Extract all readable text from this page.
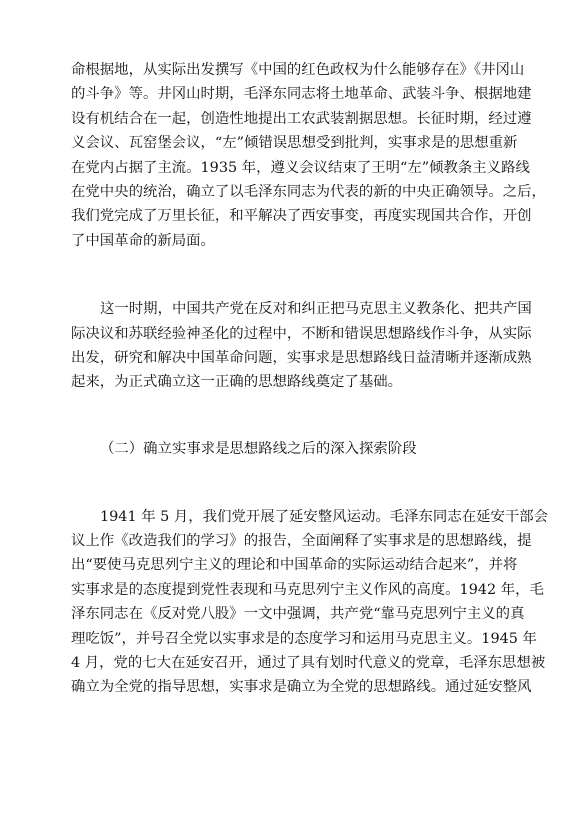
命根据地，从实际出发撰写《中国的红色政权为什么能够存在》《井冈山
的斗争》等。井冈山时期，毛泽东同志将土地革命、武装斗争、根据地建
设有机结合在一起，创造性地提出工农武装割据思想。长征时期，经过遵
义会议、瓦窑堡会议，“左”倾错误思想受到批判，实事求是的思想重新
在党内占据了主流。1935 年，遵义会议结束了王明“左”倾教条主义路线
在党中央的统治，确立了以毛泽东同志为代表的新的中央正确领导。之后，
我们党完成了万里长征，和平解决了西安事变，再度实现国共合作，开创
了中国革命的新局面。
这一时期，中国共产党在反对和纠正把马克思主义教条化、把共产国
际决议和苏联经验神圣化的过程中，不断和错误思想路线作斗争，从实际
出发，研究和解决中国革命问题，实事求是思想路线日益清晰并逐渐成熟
起来，为正式确立这一正确的思想路线奠定了基础。
（二）确立实事求是思想路线之后的深入探索阶段
1941 年 5 月，我们党开展了延安整风运动。毛泽东同志在延安干部会
议上作《改造我们的学习》的报告，全面阐释了实事求是的思想路线，提
出“要使马克思列宁主义的理论和中国革命的实际运动结合起来”，并将
实事求是的态度提到党性表现和马克思列宁主义作风的高度。1942 年，毛
泽东同志在《反对党八股》一文中强调，共产党“靠马克思列宁主义的真
理吃饭”，并号召全党以实事求是的态度学习和运用马克思主义。1945 年
4 月，党的七大在延安召开，通过了具有划时代意义的党章，毛泽东思想被
确立为全党的指导思想，实事求是确立为全党的思想路线。通过延安整风
